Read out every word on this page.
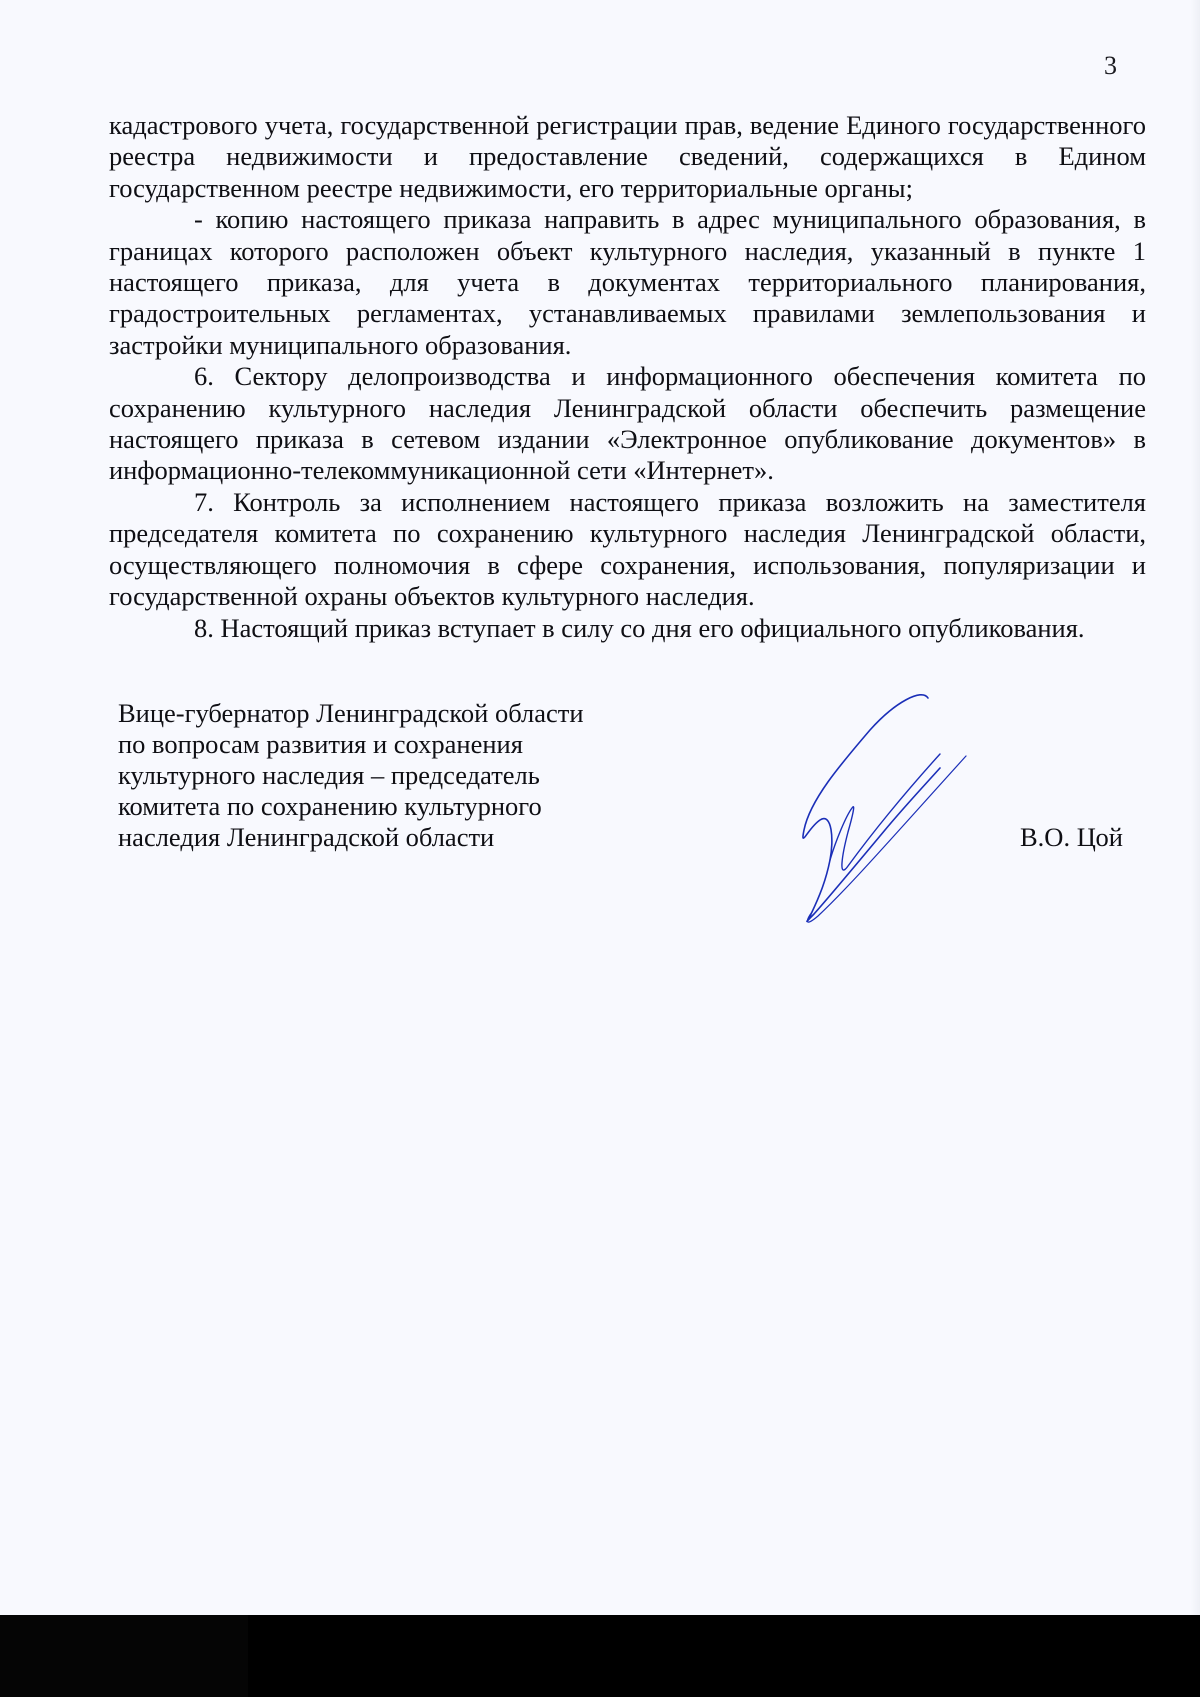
кадастрового учета, государственной регистрации прав, ведение Единого государственного реестра недвижимости и предоставление сведений, содержащихся в Едином государственном реестре недвижимости, его территориальные органы;

- копию настоящего приказа направить в адрес муниципального образования, в границах которого расположен объект культурного наследия, указанный в пункте 1 настоящего приказа, для учета в документах территориального планирования, градостроительных регламентах, устанавливаемых правилами землепользования и застройки муниципального образования.

6. Сектору делопроизводства и информационного обеспечения комитета по сохранению культурного наследия Ленинградской области обеспечить размещение настоящего приказа в сетевом издании «Электронное опубликование документов» в информационно-телекоммуникационной сети «Интернет».

7. Контроль за исполнением настоящего приказа возложить на заместителя председателя комитета по сохранению культурного наследия Ленинградской области, осуществляющего полномочия в сфере сохранения, использования, популяризации и государственной охраны объектов культурного наследия.

8. Настоящий приказ вступает в силу со дня его официального опубликования.

Вице-губернатор Ленинградской области
по вопросам развития и сохранения
культурного наследия – председатель
комитета по сохранению культурного
наследия Ленинградской области	В.О. Цой
